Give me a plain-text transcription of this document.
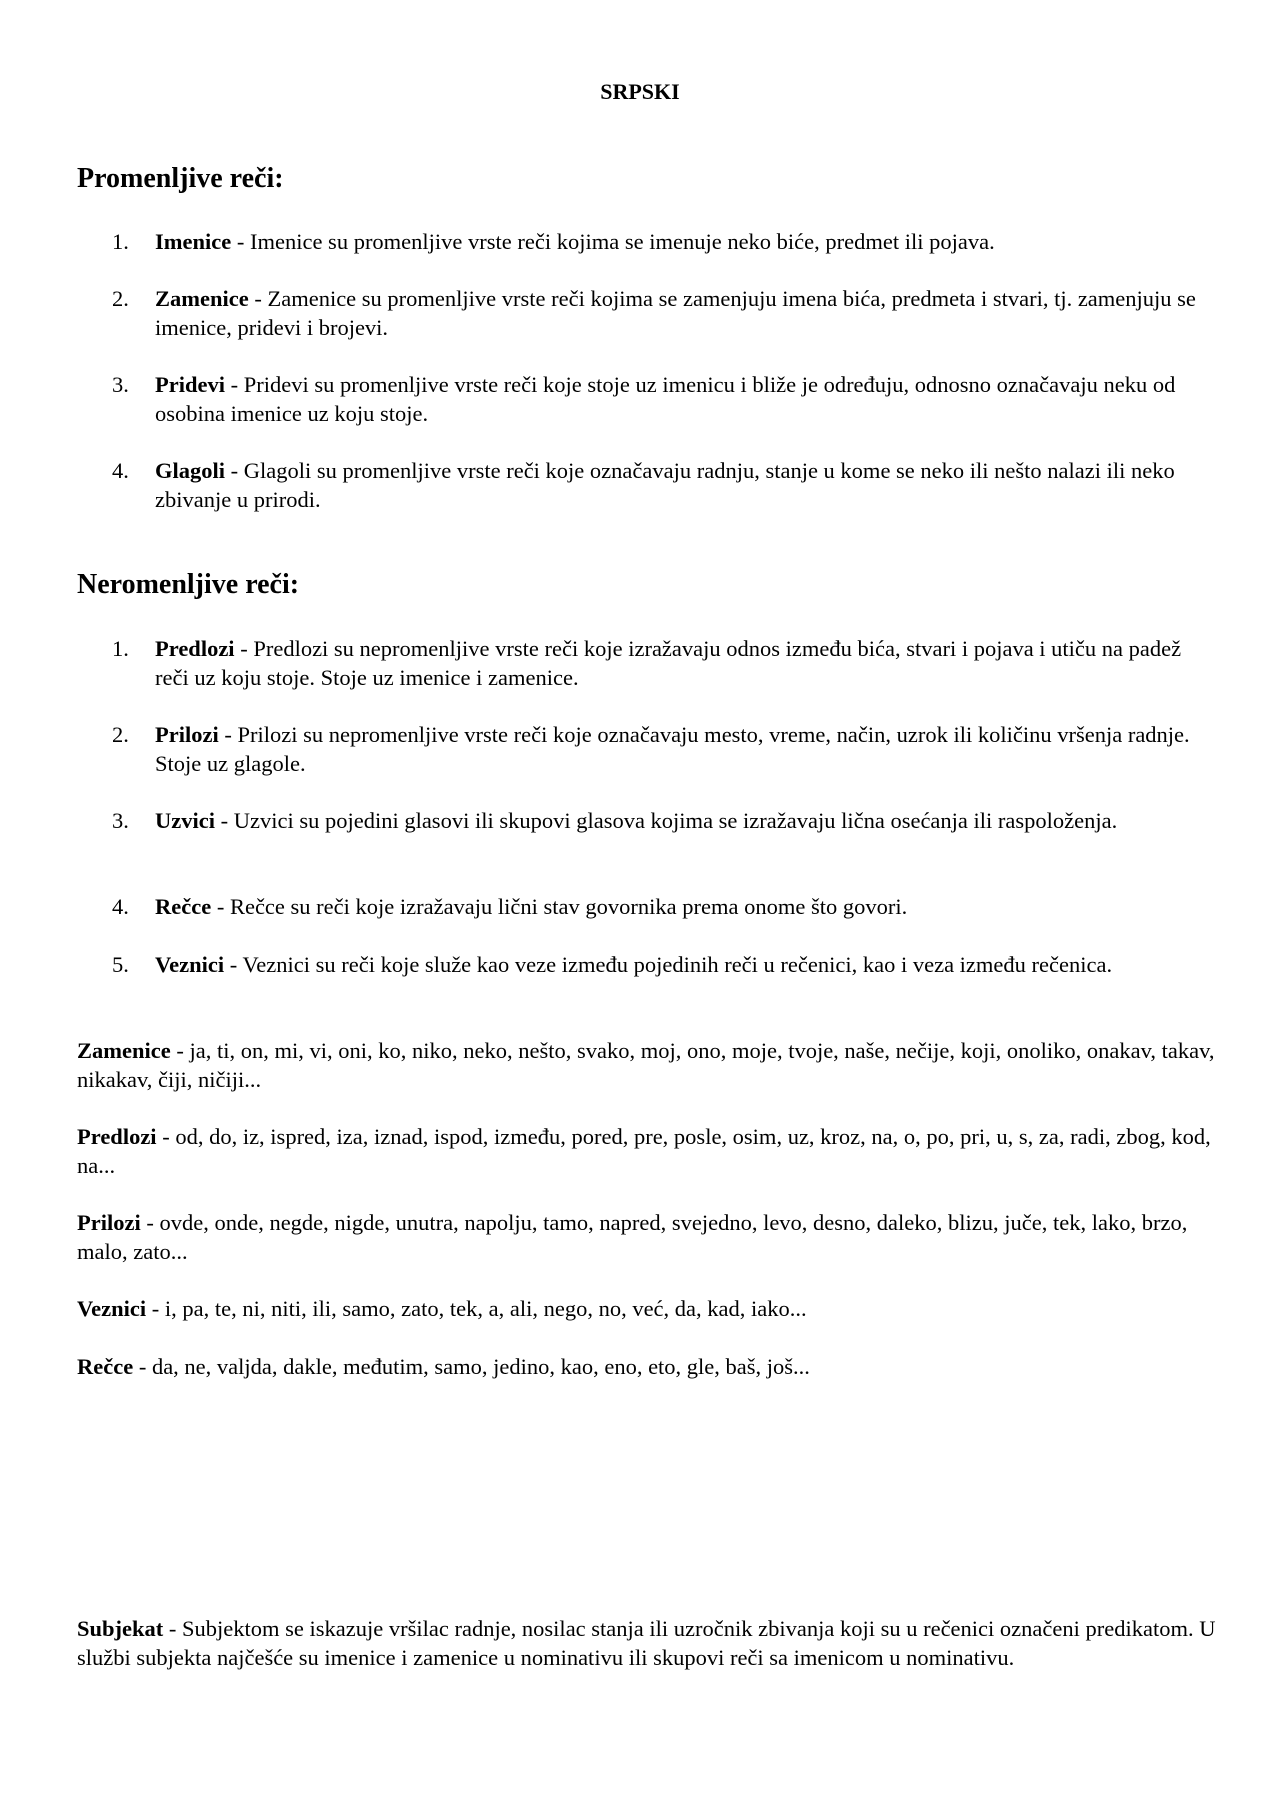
SRPSKI
Promenljive reči:
1.	Imenice - Imenice su promenljive vrste reči kojima se imenuje neko biće, predmet ili pojava.
2.	Zamenice - Zamenice su promenljive vrste reči kojima se zamenjuju imena bića, predmeta i stvari, tj. zamenjuju se imenice, pridevi i brojevi.
3.	Pridevi - Pridevi su promenljive vrste reči koje stoje uz imenicu i bliže je određuju, odnosno označavaju neku od osobina imenice uz koju stoje.
4.	Glagoli - Glagoli su promenljive vrste reči koje označavaju radnju, stanje u kome se neko ili nešto nalazi ili neko zbivanje u prirodi.
Neromenljive reči:
1.	Predlozi - Predlozi su nepromenljive vrste reči koje izražavaju odnos između bića, stvari i pojava i utiču na padež reči uz koju stoje. Stoje uz imenice i zamenice.
2.	Prilozi - Prilozi su nepromenljive vrste reči koje označavaju mesto, vreme, način, uzrok ili količinu vršenja radnje. Stoje uz glagole.
3.	Uzvici - Uzvici su pojedini glasovi ili skupovi glasova kojima se izražavaju lična osećanja ili raspoloženja.
4.	Rečce - Rečce su reči koje izražavaju lični stav govornika prema onome što govori.
5.	Veznici - Veznici su reči koje služe kao veze između pojedinih reči u rečenici, kao i veza između rečenica.
Zamenice - ja, ti, on, mi, vi, oni, ko, niko, neko, nešto, svako, moj, ono, moje, tvoje, naše, nečije, koji, onoliko, onakav, takav, nikakav, čiji, ničiji...
Predlozi - od, do, iz, ispred, iza, iznad, ispod, između, pored, pre, posle, osim, uz, kroz, na, o, po, pri, u, s, za, radi, zbog, kod, na...
Prilozi - ovde, onde, negde, nigde, unutra, napolju, tamo, napred, svejedno, levo, desno, daleko, blizu, juče, tek, lako, brzo, malo, zato...
Veznici - i, pa, te, ni, niti, ili, samo, zato, tek, a, ali, nego, no, već, da, kad, iako...
Rečce - da, ne, valjda, dakle, međutim, samo, jedino, kao, eno, eto, gle, baš, još...
Subjekat - Subjektom se iskazuje vršilac radnje, nosilac stanja ili uzročnik zbivanja koji su u rečenici označeni predikatom. U službi subjekta najčešće su imenice i zamenice u nominativu ili skupovi reči sa imenicom u nominativu.
